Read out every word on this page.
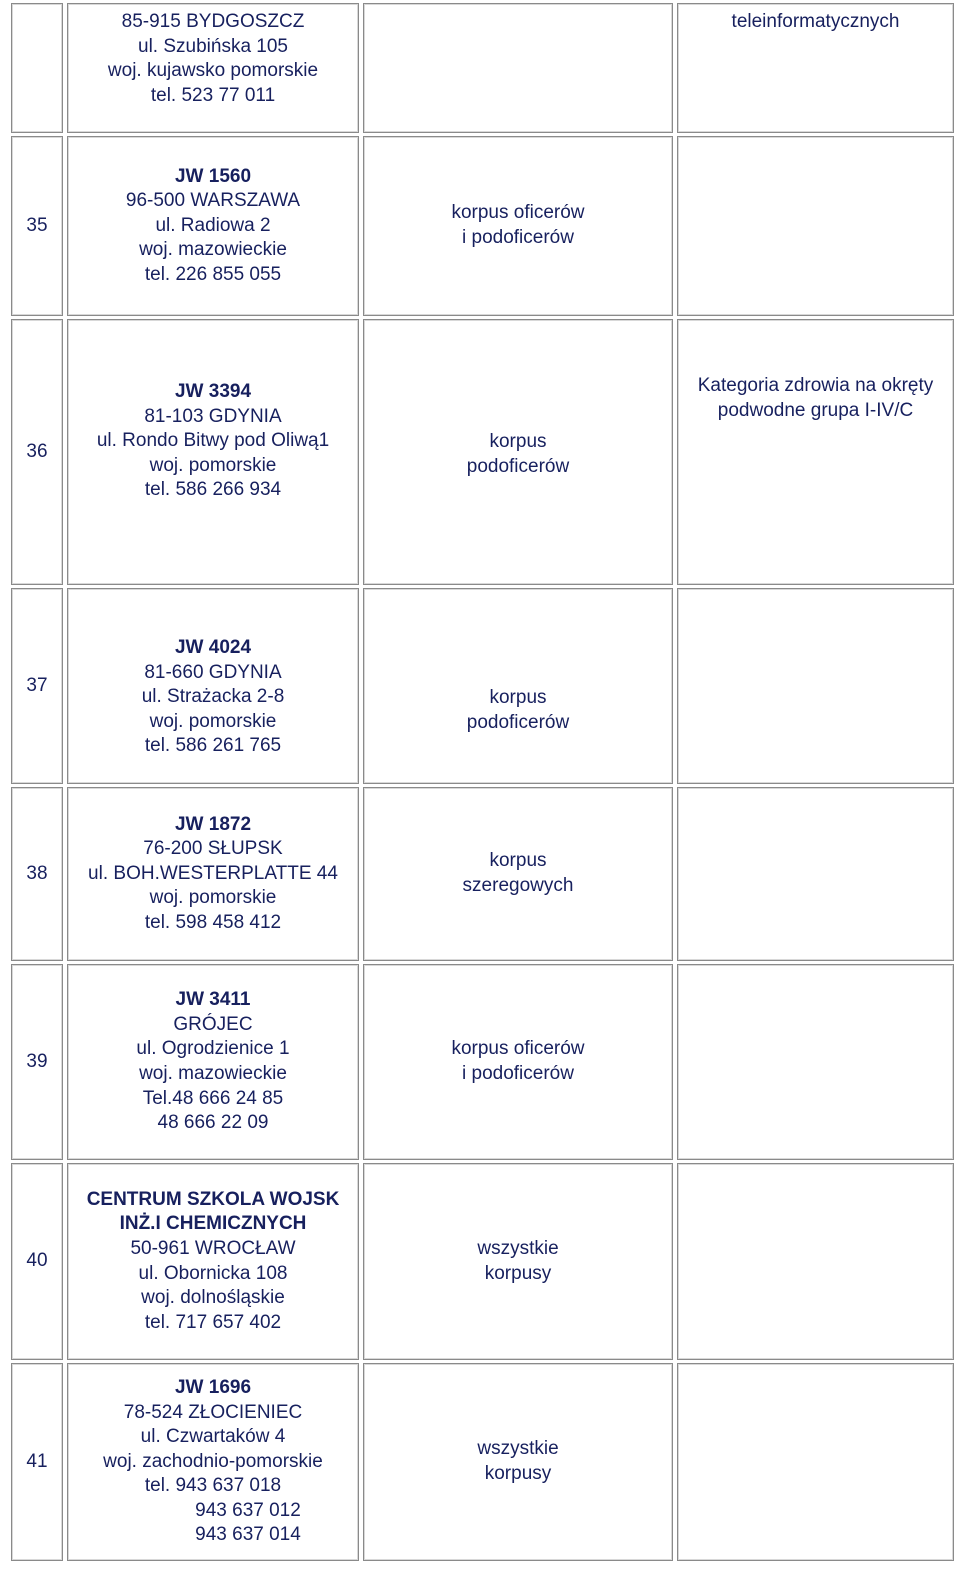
85-915 BYDGOSZCZ
ul. Szubińska 105
woj. kujawsko pomorskie
tel. 523 77 011
teleinformatycznych
35
JW 1560
96-500 WARSZAWA
ul. Radiowa 2
woj. mazowieckie
tel. 226 855 055
korpus oficerów
i podoficerów
36
JW 3394
81-103 GDYNIA
ul. Rondo Bitwy pod Oliwą1
woj. pomorskie
tel. 586 266 934
korpus
podoficerów
Kategoria zdrowia na okręty
podwodne grupa I-IV/C
37
JW 4024
81-660 GDYNIA
ul. Strażacka 2-8
woj. pomorskie
tel. 586 261 765
korpus
podoficerów
38
JW 1872
76-200 SŁUPSK
ul. BOH.WESTERPLATTE 44
woj. pomorskie
tel. 598 458 412
korpus
szeregowych
39
JW 3411
GRÓJEC
ul. Ogrodzienice 1
woj. mazowieckie
Tel.48 666 24 85
48 666 22 09
korpus oficerów
i podoficerów
40
CENTRUM SZKOLA WOJSK
INŻ.I CHEMICZNYCH
50-961 WROCŁAW
ul. Obornicka 108
woj. dolnośląskie
tel. 717 657 402
wszystkie
korpusy
41
JW 1696
78-524 ZŁOCIENIEC
ul. Czwartaków 4
woj. zachodnio-pomorskie
tel. 943 637 018
943 637 012
943 637 014
wszystkie
korpusy
